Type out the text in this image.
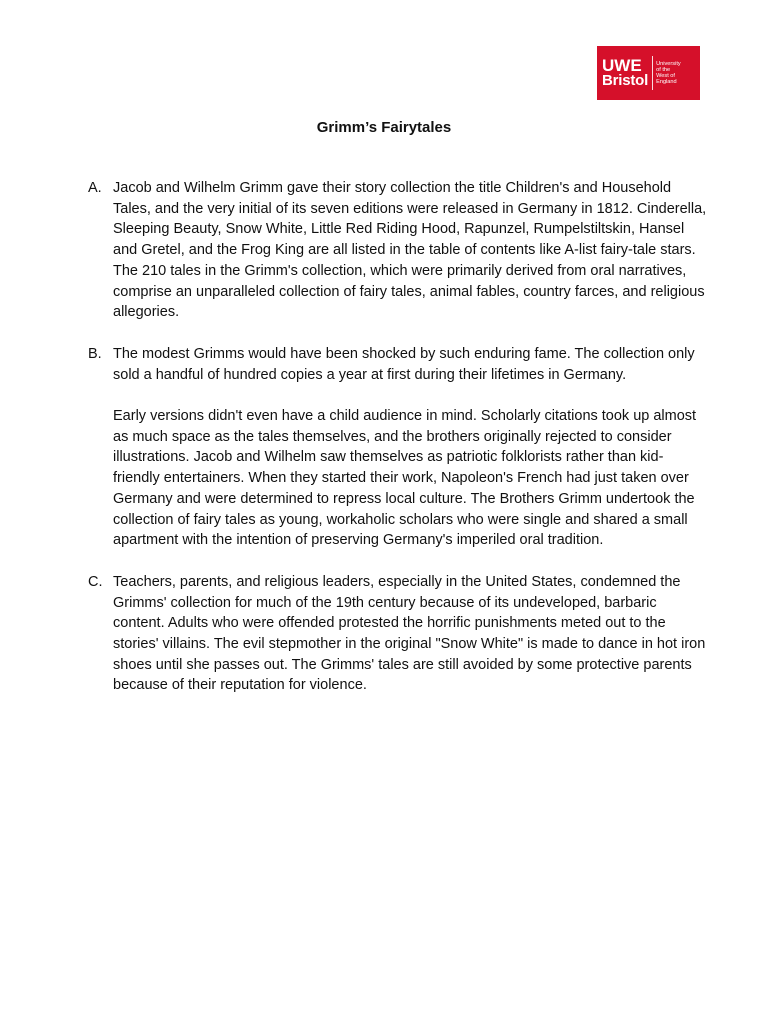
UWE
Bristol
University
of the
West of
England
Grimm’s Fairytales
A. Jacob and Wilhelm Grimm gave their story collection the title Children's and Household Tales, and the very initial of its seven editions were released in Germany in 1812. Cinderella, Sleeping Beauty, Snow White, Little Red Riding Hood, Rapunzel, Rumpelstiltskin, Hansel and Gretel, and the Frog King are all listed in the table of contents like A-list fairy-tale stars. The 210 tales in the Grimm's collection, which were primarily derived from oral narratives, comprise an unparalleled collection of fairy tales, animal fables, country farces, and religious allegories.

B. The modest Grimms would have been shocked by such enduring fame. The collection only sold a handful of hundred copies a year at first during their lifetimes in Germany.

Early versions didn't even have a child audience in mind. Scholarly citations took up almost as much space as the tales themselves, and the brothers originally rejected to consider illustrations. Jacob and Wilhelm saw themselves as patriotic folklorists rather than kid-friendly entertainers. When they started their work, Napoleon's French had just taken over Germany and were determined to repress local culture. The Brothers Grimm undertook the collection of fairy tales as young, workaholic scholars who were single and shared a small apartment with the intention of preserving Germany's imperiled oral tradition.

C. Teachers, parents, and religious leaders, especially in the United States, condemned the Grimms' collection for much of the 19th century because of its undeveloped, barbaric content. Adults who were offended protested the horrific punishments meted out to the stories' villains. The evil stepmother in the original "Snow White" is made to dance in hot iron shoes until she passes out. The Grimms' tales are still avoided by some protective parents because of their reputation for violence.
